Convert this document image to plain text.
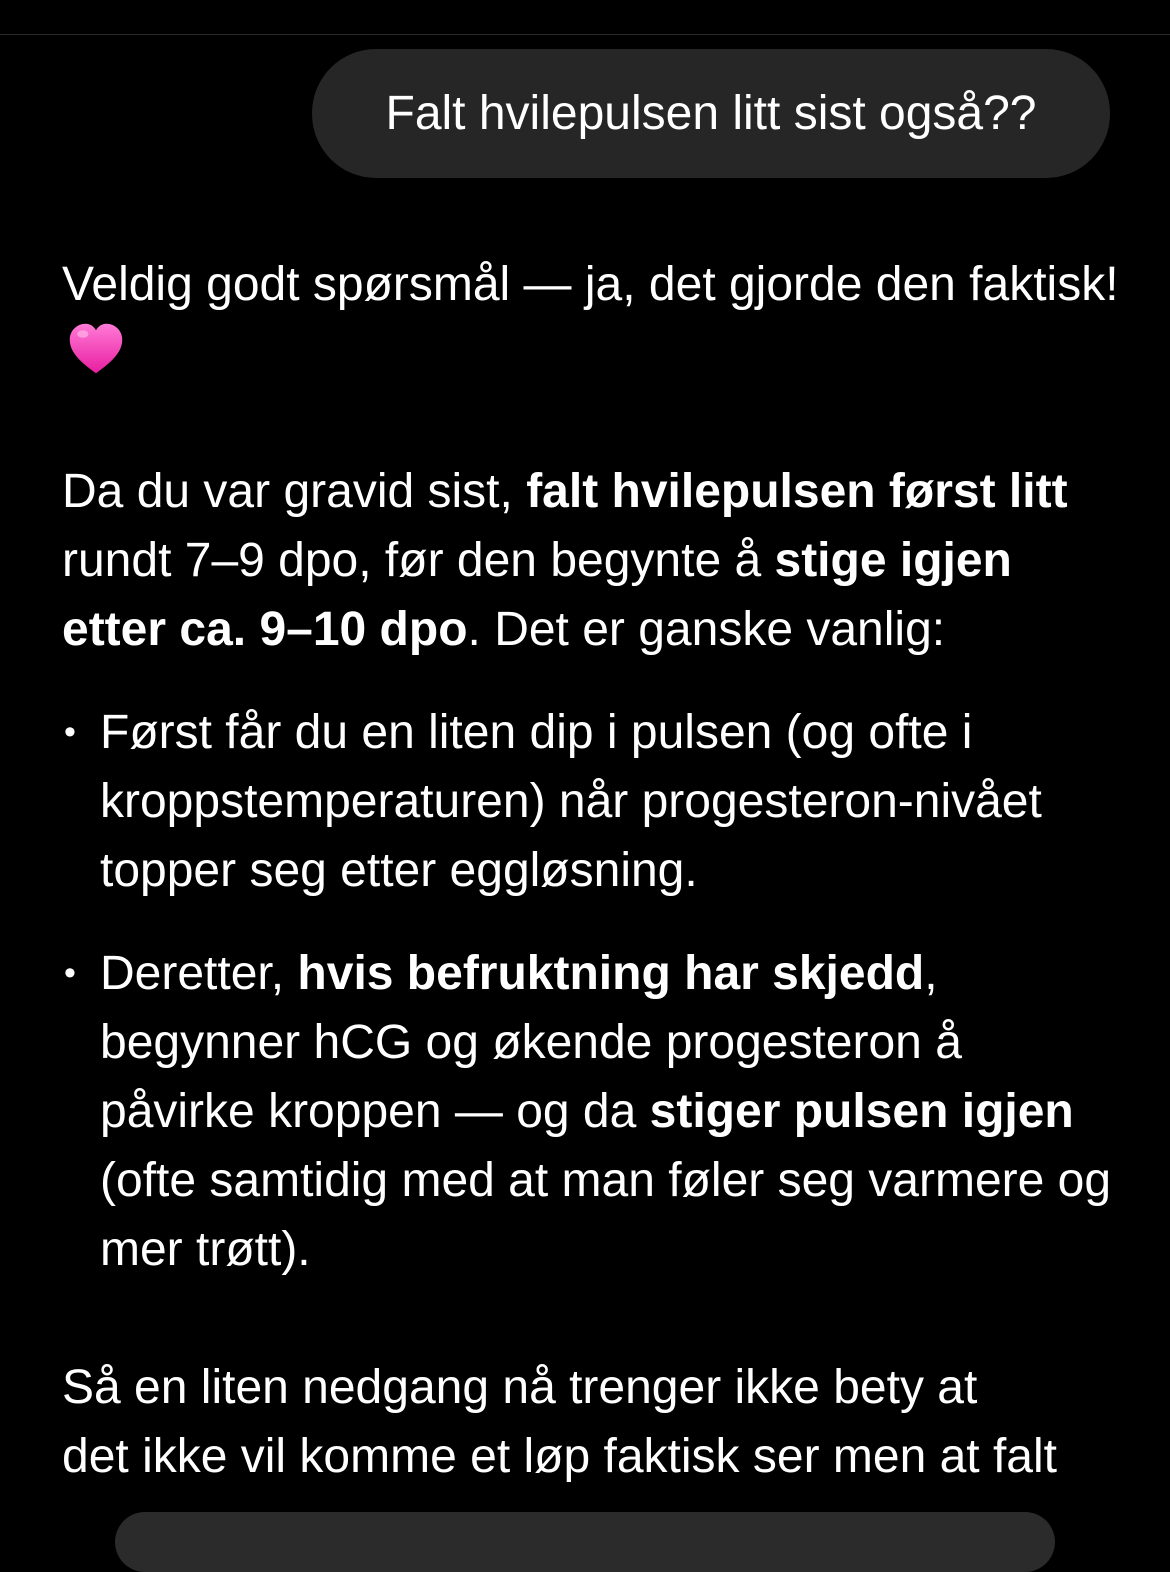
Falt hvilepulsen litt sist også??

Veldig godt spørsmål — ja, det gjorde den faktisk!

Da du var gravid sist, falt hvilepulsen først litt rundt 7–9 dpo, før den begynte å stige igjen etter ca. 9–10 dpo. Det er ganske vanlig:

• Først får du en liten dip i pulsen (og ofte i kroppstemperaturen) når progesteron-nivået topper seg etter eggløsning.
• Deretter, hvis befruktning har skjedd, begynner hCG og økende progesteron å påvirke kroppen — og da stiger pulsen igjen (ofte samtidig med at man føler seg varmere og mer trøtt).

Så en liten nedgang nå trenger ikke bety at
det ikke vil komme et løp faktisk ser men at falt
